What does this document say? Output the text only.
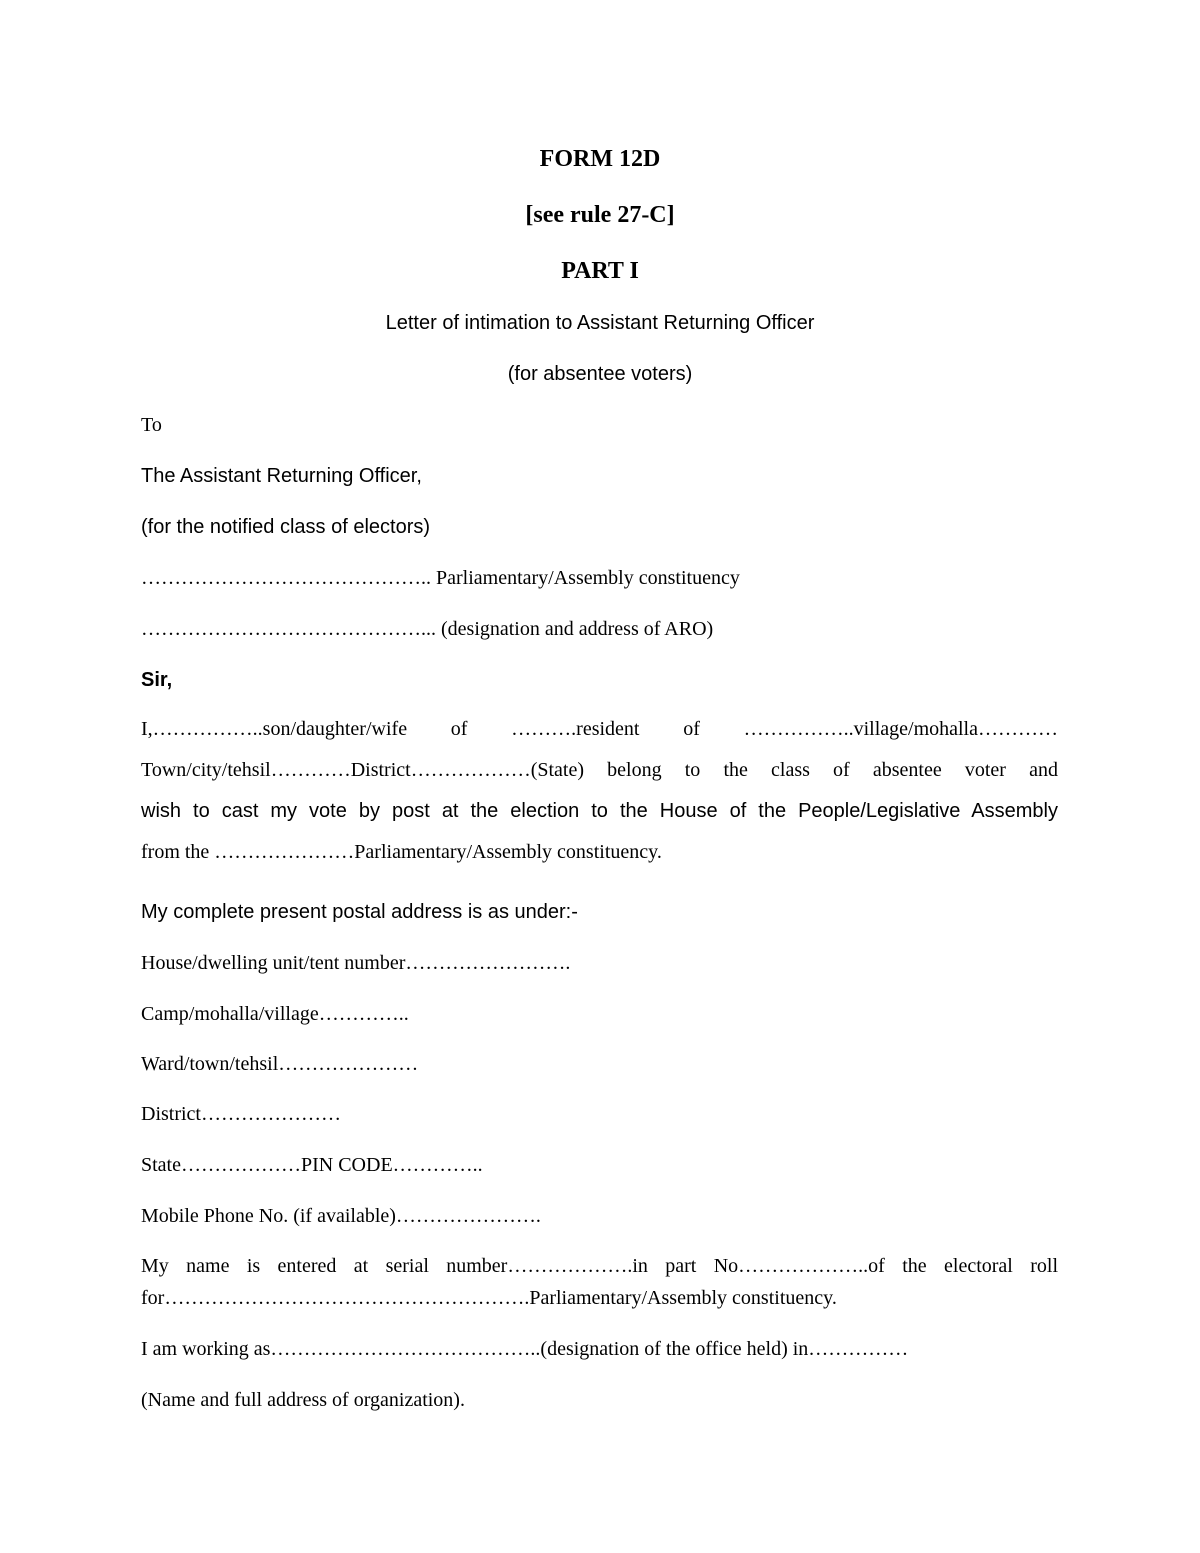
FORM 12D
[see rule 27-C]
PART I
Letter of intimation to Assistant Returning Officer
(for absentee voters)
To
The Assistant Returning Officer,
(for the notified class of electors)
…………………………………….. Parliamentary/Assembly constituency
……………………………………... (designation and address of ARO)
Sir,
I,……………..son/daughter/wife of ……….resident of ……………..village/mohalla…………
Town/city/tehsil…………District………………(State) belong to the class of absentee voter and
wish to cast my vote by post at the election to the House of the People/Legislative Assembly
from the …………………Parliamentary/Assembly constituency.
My complete present postal address is as under:-
House/dwelling unit/tent number…………………….
Camp/mohalla/village…………..
Ward/town/tehsil…………………
District…………………
State………………PIN CODE…………..
Mobile Phone No. (if available)………………….
My name is entered at serial number……………….in part No………………..of the electoral roll
for……………………………………………….Parliamentary/Assembly constituency.
I am working as…………………………………..(designation of the office held) in……………
(Name and full address of organization).
